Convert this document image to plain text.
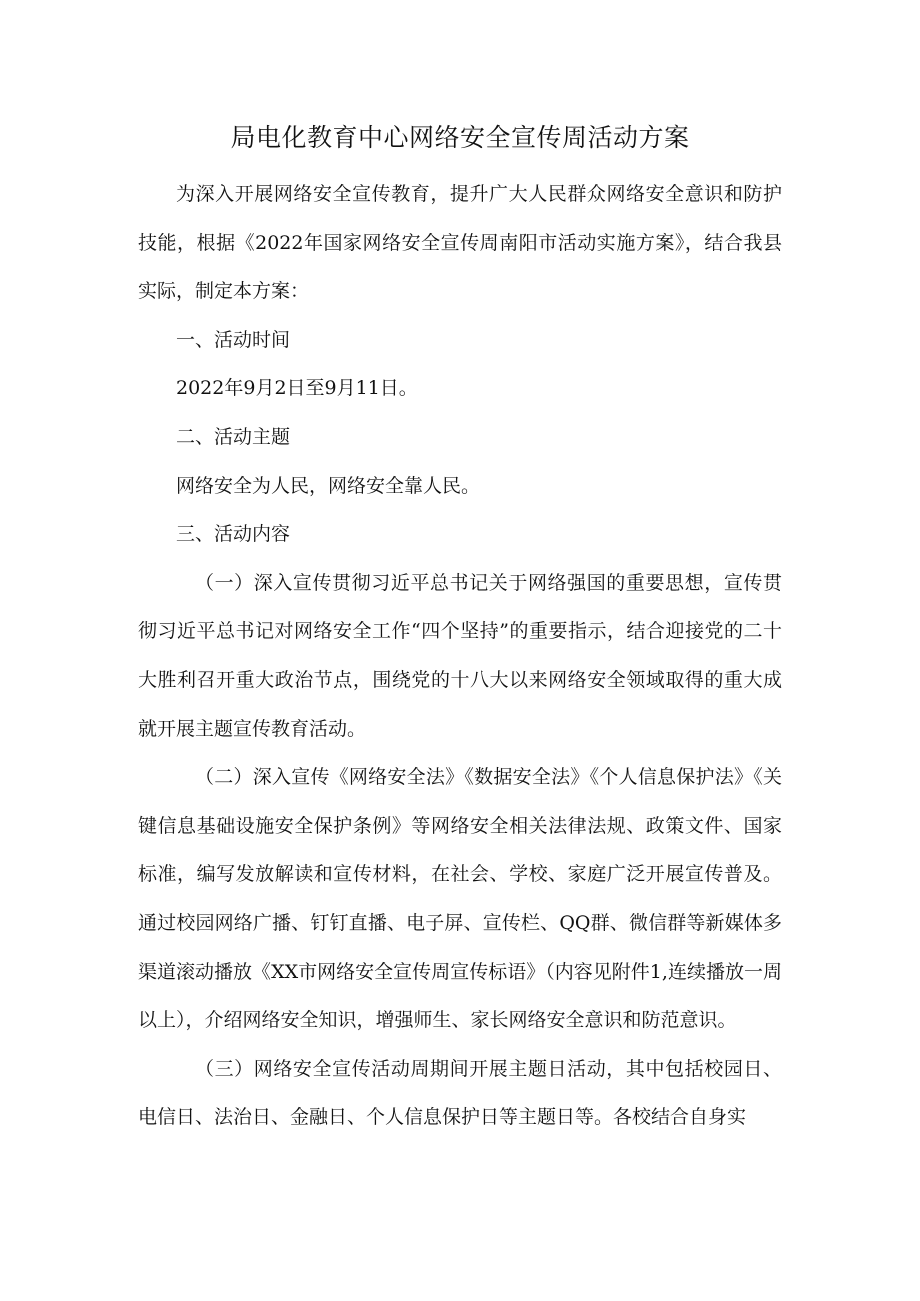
局电化教育中心网络安全宣传周活动方案

为深入开展网络安全宣传教育，提升广大人民群众网络安全意识和防护技能，根据《2022年国家网络安全宣传周南阳市活动实施方案》，结合我县实际，制定本方案：

一、活动时间

2022年9月2日至9月11日。

二、活动主题

网络安全为人民，网络安全靠人民。

三、活动内容

（一）深入宣传贯彻习近平总书记关于网络强国的重要思想，宣传贯彻习近平总书记对网络安全工作“四个坚持”的重要指示，结合迎接党的二十大胜利召开重大政治节点，围绕党的十八大以来网络安全领域取得的重大成就开展主题宣传教育活动。

（二）深入宣传《网络安全法》《数据安全法》《个人信息保护法》《关键信息基础设施安全保护条例》等网络安全相关法律法规、政策文件、国家标准，编写发放解读和宣传材料，在社会、学校、家庭广泛开展宣传普及。通过校园网络广播、钉钉直播、电子屏、宣传栏、QQ群、微信群等新媒体多渠道滚动播放《XX市网络安全宣传周宣传标语》（内容见附件1,连续播放一周以上），介绍网络安全知识，增强师生、家长网络安全意识和防范意识。

（三）网络安全宣传活动周期间开展主题日活动，其中包括校园日、电信日、法治日、金融日、个人信息保护日等主题日等。各校结合自身实
